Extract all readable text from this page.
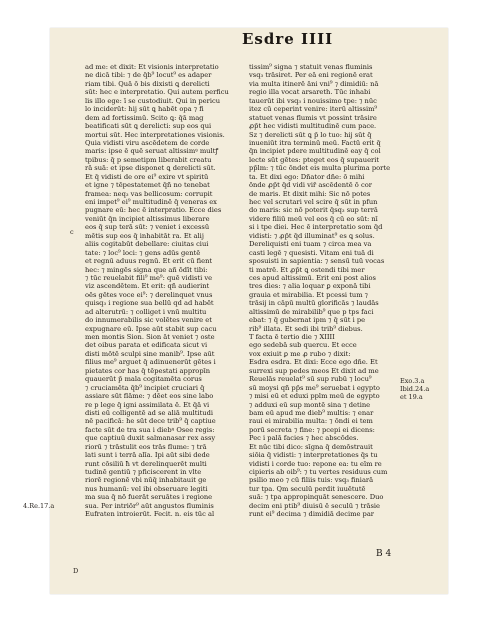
Esdre IIII
ad me: et dixit: Et visionis interpretatio
ne dicā tibi: ⁊ de q̄b⁹ locut⁹ es adaper
riam tibi. Quā ō bis dixisti ꝗ derelicti
sūt: hec e interpretatio. Qui autem perficu
lis illo ege: ī se custodiuit. Qui in pericu
lo inciderūt: hij sūt ꝗ habēt opa ⁊ fi
dem ad fortissimū. Scito ꝗ: q̄ā mag
beatificati sūt ꝗ derelicti: sup eos qui
mortui sūt. Hec interpretationes visionis.
Quia vidisti viru ascēdetem de corde
maris: ipse ē quē seruat altissimꝰ multꝭ
tpibus: q̄ p semetipm liberabit creatu
rā suā: et ipse disponet ꝗ derelicti sūt.
Et q̄ vidisti de ore ei⁹ exire vt spiritū
et igne ⁊ tēpestatemet q̄ñ no tenebat
framea: neq₃ vas bellicosum: corrupit
eni impet⁹ ei⁹ multitudinē q̄ veneras ex
pugnare eū: hec ē interpratio. Ecce dies
veniūt q̄n incipiet altissimus liberare
eos q̄ sup terā sūt: ⁊ veniet i excessū
mētis sup eos q̄ inhabitāt ra. Et alij
aliis cogitabūt debellare: ciuitas ciui
tate: ⁊ loc⁹ loci: ⁊ gens adūs gentē
et regnū aduus regnū. Et erit cū fient
hec: ⁊ mingēs signa que añ ōdīt tibi:
⁊ tūc reuelabit fili⁹ me⁹: quē vidisti ve
viz ascendētem. Et erit: qñ audierint
oēs gētes voce ei⁹: ⁊ derelinquet vnus
quisq₃ i regione sua bellū qd ad habēt
ad alterutrū: ⁊ colliget i vnū multitu
do innumerabilis sic volētes venire et
expugnare eū. Ipse aūt stabit sup cacu
men montis Sion. Sion āt veniet ⁊ oste
det oibus parata et edificata sicut vi
disti mōtē sculpi sine manib⁹. Ipse aūt
filius me⁹ arguet q̄ adinuenerūt gētes i
pietates cor has q̄ tēpestati appropīn
quauerūt p̄ mala cogitamēta corus
⁊ cruciamēta q̄b⁹ incipiet cruciari q̄
assiare sūt flāme: ⁊ dēet eos sine labo
re p lege q̄ igni assimilata ē. Et q̄ā vi
disti eū colligentē ad se aliā multitudi
nē pacificā: he sūt dece trib⁹ q̄ captiue
facte sūt de tra sua i diebꝰ Osee regis:
que captiuū duxit salmanasar rex assy
riorū ⁊ trāstulit eos trās flume: ⁊ trā
lati sunt i terrā alīa. Ipi aūt sibi dede
runt cōsiliū ħ vt derelinquerēt multi
tudinē gentiū ⁊ pficiscerent in vlte
riorē regionē vbi nūq̄ inhabitauit ge
nus humanū: vel ibi obseruare legiti
ma sua q̄ nō fuerāt seruātes i regione
sua. Per intriōr⁹ aūt angustos fluminis
Eufraten introierūt. Fecit. n. eis tūc al
tissim⁹ signa ⁊ statuit venas fluminis
vsq₃ trāsiret. Per eā eni regionē erat
via multa itinerē āni vni⁹ ⁊ dimidiū: nā
regio illa vocat arsareth. Tūc inhabi
tauerūt ibi vsq₃ i nouissimo tpe: ⁊ nūc
itez cū ceperint venire: iterū altissim⁹
statuet venas flumis vt possint trāsire
ꝓp̄t hec vidisti multitudinē cum pace.
Sz ⁊ derelicti sūt ꝗ p̄ lo tuo: hij sūt q̄
inueniūt itra terminū meū. Factū erit q̄
q̄n incipiet pdere multitudinē eay q̄ col
lecte sūt gētes: pteget eos q̄ supauerit
pp̄lm: ⁊ tūc ōndet eis multa plurima porte
ta. Et dixi ego: Dñator dñe: ō mihi
ōnde ꝓp̄t q̄d vidi vir̄ ascēdentē ō cor
de maris. Et dixit mihi: Sic nō potes
hec vel scrutari vel scire q̄ sūt in pfun
do maris: sic nō poterit q̄sq₃ sup terrā
videre filiū meū vel eos q̄ cū eo sūt: nī
si i tpe diei. Hec ē interpretatio som q̄d
vidisti: ⁊ ꝓp̄t q̄d illuminat⁹ es ꝗ solus.
Dereliquisti eni tuam ⁊ circa mea va
casti legē ⁊ quesisti. Vitam eni tuā di
sposuisti in sapientia: ⁊ sensū tuū vocas
ti matrē. Et ꝓp̄t ꝗ ostendi tibi mer
ces apud altissimū. Erit eni post alios
tres dies: ⁊ alia loquar ꝑ exponā tibi
grauia et mirabilia. Et pcessi tum ⁊
trāsij in cāpū multū glorificās ⁊ laudās
altissimū de mirabilib⁹ que p tps faci
ebat: ⁊ q̄ gubernat ipm ⁊ q̄ sūt i pe
rib⁹ illata. Et sedi ibi trib⁹ diebus.
T facta ē tertio die ⁊ XIIII
ego sedebā sub quercu. Et ecce
vox exiuit ꝑ me ꝓ rubo ⁊ dixit:
Esdra esdra. Et dixi: Ecce ego dñe. Et
surrexi sup pedes meos Et dixit ad me
Reuelās reuelat⁹ sū sup rubū ⁊ locu⁹
sū moysi qñ pp̄s me⁹ seruebat i egypto
⁊ misi eū et eduxi ppl̄m meū de egypto
⁊ adduxi eū sup montē sina ⁊ detine
bam eū apud me dieb⁹ multis: ⁊ enar
raui ei mirabilia multa: ⁊ ōndi ei tem
porū secreta ⁊ fine: ⁊ pcepi ei dicens:
Pec i palā facies ⁊ hec abscōdes.
Et nūc tibi dico: sīgna q̄ demōstrauit
siōia q̄ vidisti: ⁊ interpretationes q̄s tu
vidisti i corde tuo: repone ea: tu eīm re
cipieris ab oib⁹: ⁊ tu vertes residuus cum
psilio meo ⁊ cū filiis tuis: vsq₃ finiarā
tur tpa. Qm seculū perdit iuuētutē
suā: ⁊ tpa appropinquāt senescere. Duo
decim eni ptib⁹ diuisū ē seculū ⁊ trāsie
runt ei⁹ decima ⁊ dimidiā decime par
c
4.Re.17.a
D
Exo.3.a
Ibid.24.a
et 19.a
B 4
